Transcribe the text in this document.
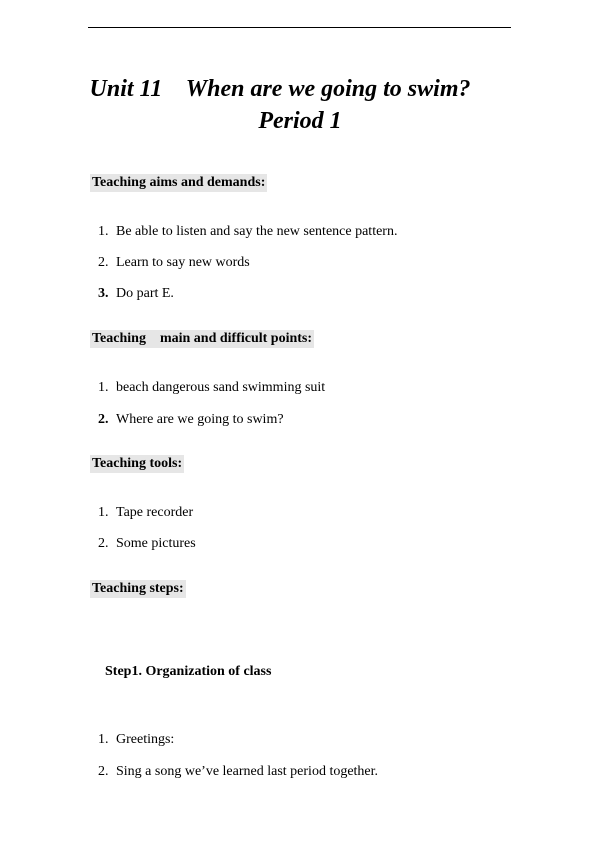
Unit 11    When are we going to swim?
Period 1
Teaching aims and demands:

1. Be able to listen and say the new sentence pattern.

2. Learn to say new words

3. Do part E.

Teaching    main and difficult points:

1. beach dangerous sand swimming suit

2. Where are we going to swim?

Teaching tools:

1. Tape recorder

2. Some pictures

Teaching steps:
Step1. Organization of class

1. Greetings:

2. Sing a song we’ve learned last period together.
